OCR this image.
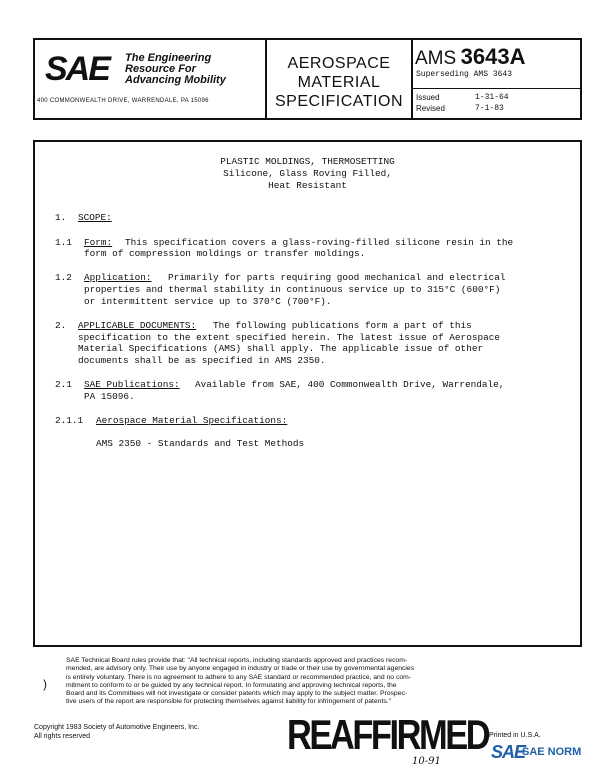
SAE The Engineering
Resource For
Advancing Mobility
400 COMMONWEALTH DRIVE, WARRENDALE, PA 15096
AEROSPACE
MATERIAL
SPECIFICATION
AMS 3643A
Superseding AMS 3643
Issued	1-31-64
Revised	7-1-83
PLASTIC MOLDINGS, THERMOSETTING
Silicone, Glass Roving Filled,
Heat Resistant
1. SCOPE:
1.1 Form: This specification covers a glass-roving-filled silicone resin in the
form of compression moldings or transfer moldings.
1.2 Application: Primarily for parts requiring good mechanical and electrical
properties and thermal stability in continuous service up to 315°C (600°F)
or intermittent service up to 370°C (700°F).
2. APPLICABLE DOCUMENTS: The following publications form a part of this
specification to the extent specified herein. The latest issue of Aerospace
Material Specifications (AMS) shall apply. The applicable issue of other
documents shall be as specified in AMS 2350.
2.1 SAE Publications: Available from SAE, 400 Commonwealth Drive, Warrendale,
PA 15096.
2.1.1 Aerospace Material Specifications:
AMS 2350 - Standards and Test Methods
SAE Technical Board rules provide that: "All technical reports, including standards approved and practices recom-
mended, are advisory only. Their use by anyone engaged in industry or trade or their use by governmental agencies
is entirely voluntary. There is no agreement to adhere to any SAE standard or recommended practice, and no com-
mitment to conform to or be guided by any technical report. In formulating and approving technical reports, the
Board and its Committees will not investigate or consider patents which may apply to the subject matter. Prospec-
tive users of the report are responsible for protecting themselves against liability for infringement of patents."
)
Copyright 1983 Society of Automotive Engineers, Inc.
All rights reserved	REAFFIRMED
10-91
Printed in U.S.A.
SAE
SAE NORM
